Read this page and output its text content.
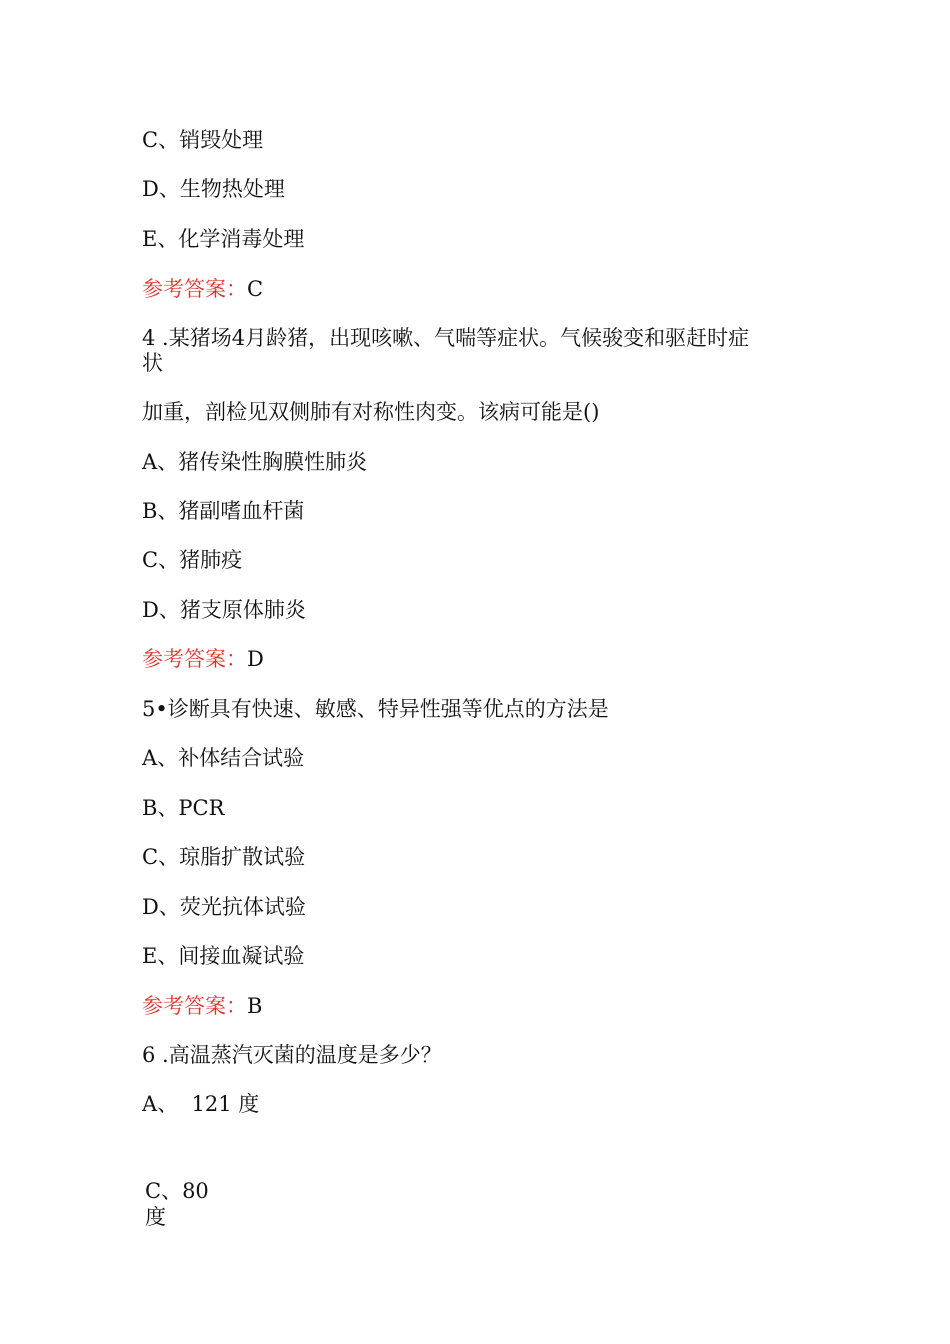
C、销毁处理
D、生物热处理
E、化学消毒处理
参考答案：C
4 .某猪场4月龄猪，出现咳嗽、气喘等症状。气候骏变和驱赶时症
状
加重，剖检见双侧肺有对称性肉变。该病可能是()
A、猪传染性胸膜性肺炎
B、猪副嗜血杆菌
C、猪肺疫
D、猪支原体肺炎
参考答案：D
5•诊断具有快速、敏感、特异性强等优点的方法是
A、补体结合试验
B、PCR
C、琼脂扩散试验
D、荧光抗体试验
E、间接血凝试验
参考答案：B
6 .高温蒸汽灭菌的温度是多少？
A、  121 度
C、80
度
